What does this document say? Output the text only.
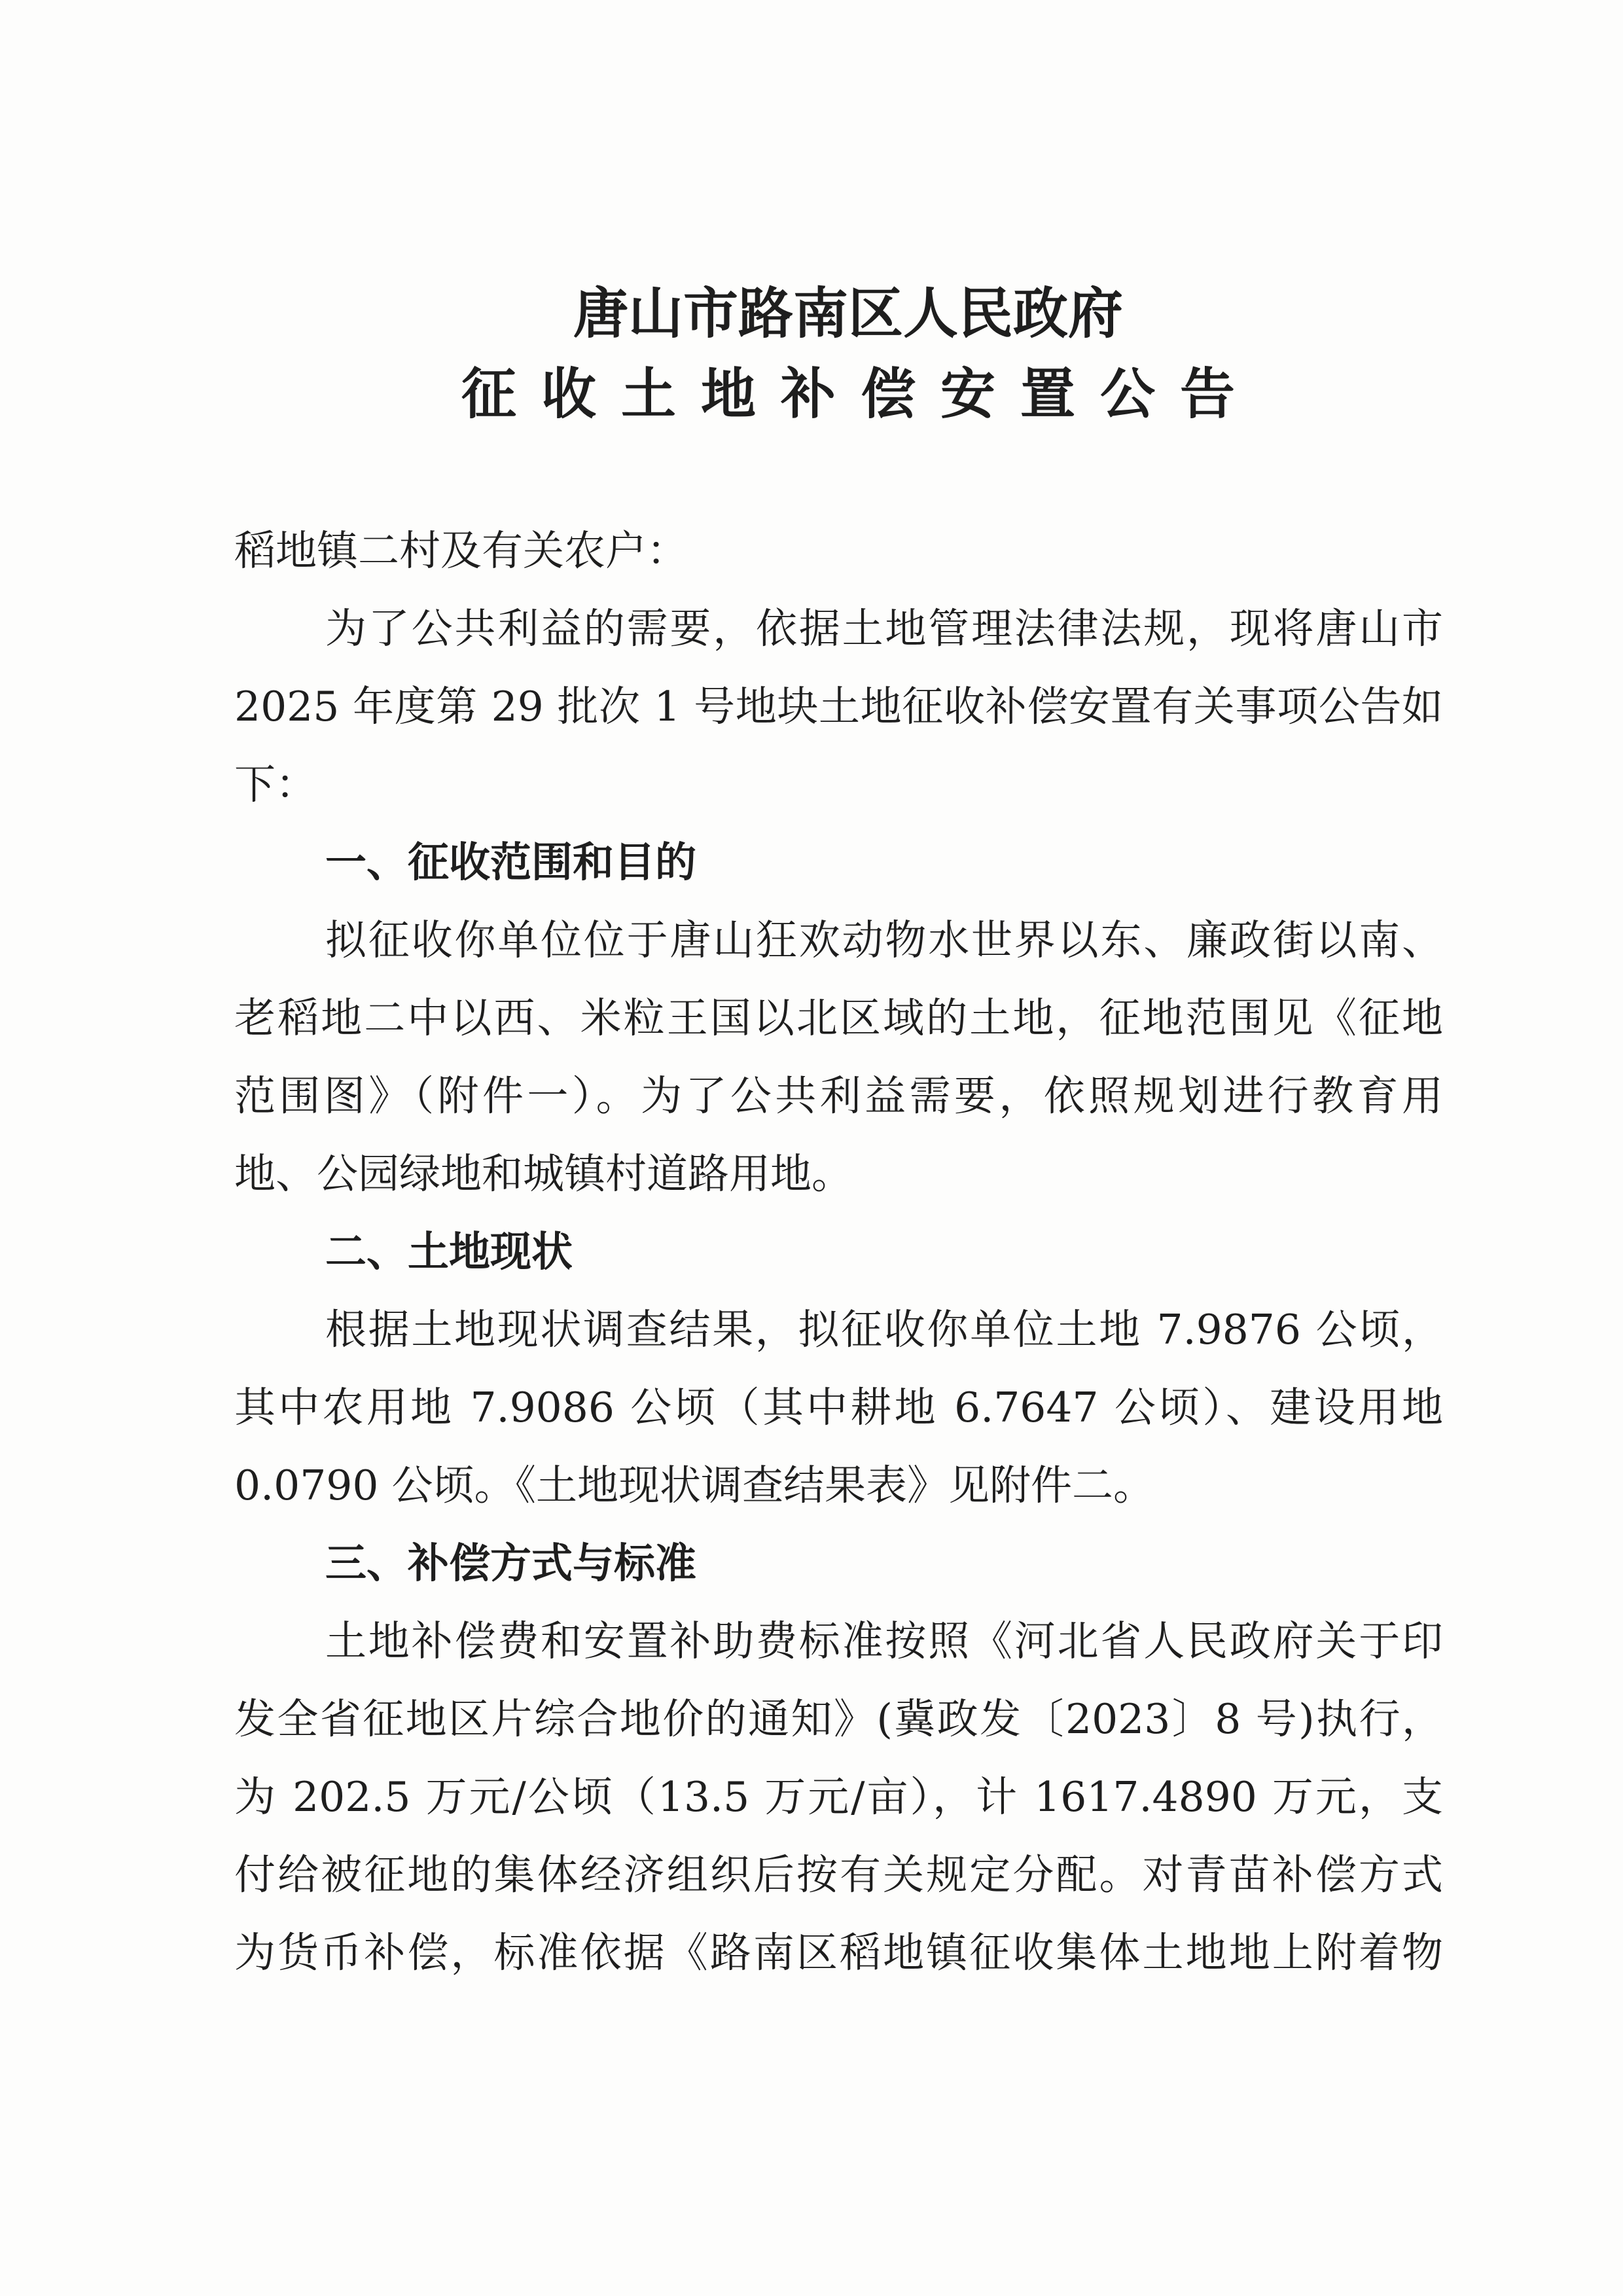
唐山市路南区人民政府
征收土地补偿安置公告
稻地镇二村及有关农户：
为了公共利益的需要，依据土地管理法律法规，现将唐山市
2025 年度第 29 批次 1 号地块土地征收补偿安置有关事项公告如
下：
一、征收范围和目的
拟征收你单位位于唐山狂欢动物水世界以东、廉政街以南、
老稻地二中以西、米粒王国以北区域的土地，征地范围见《征地
范围图》（附件一）。为了公共利益需要，依照规划进行教育用
地、公园绿地和城镇村道路用地。
二、土地现状
根据土地现状调查结果，拟征收你单位土地 7.9876 公顷，
其中农用地 7.9086 公顷（其中耕地 6.7647 公顷）、建设用地
0.0790 公顷。《土地现状调查结果表》见附件二。
三、补偿方式与标准
土地补偿费和安置补助费标准按照《河北省人民政府关于印
发全省征地区片综合地价的通知》(冀政发〔2023〕8 号)执行，
为 202.5 万元/公顷（13.5 万元/亩），计 1617.4890 万元，支
付给被征地的集体经济组织后按有关规定分配。对青苗补偿方式
为货币补偿，标准依据《路南区稻地镇征收集体土地地上附着物
